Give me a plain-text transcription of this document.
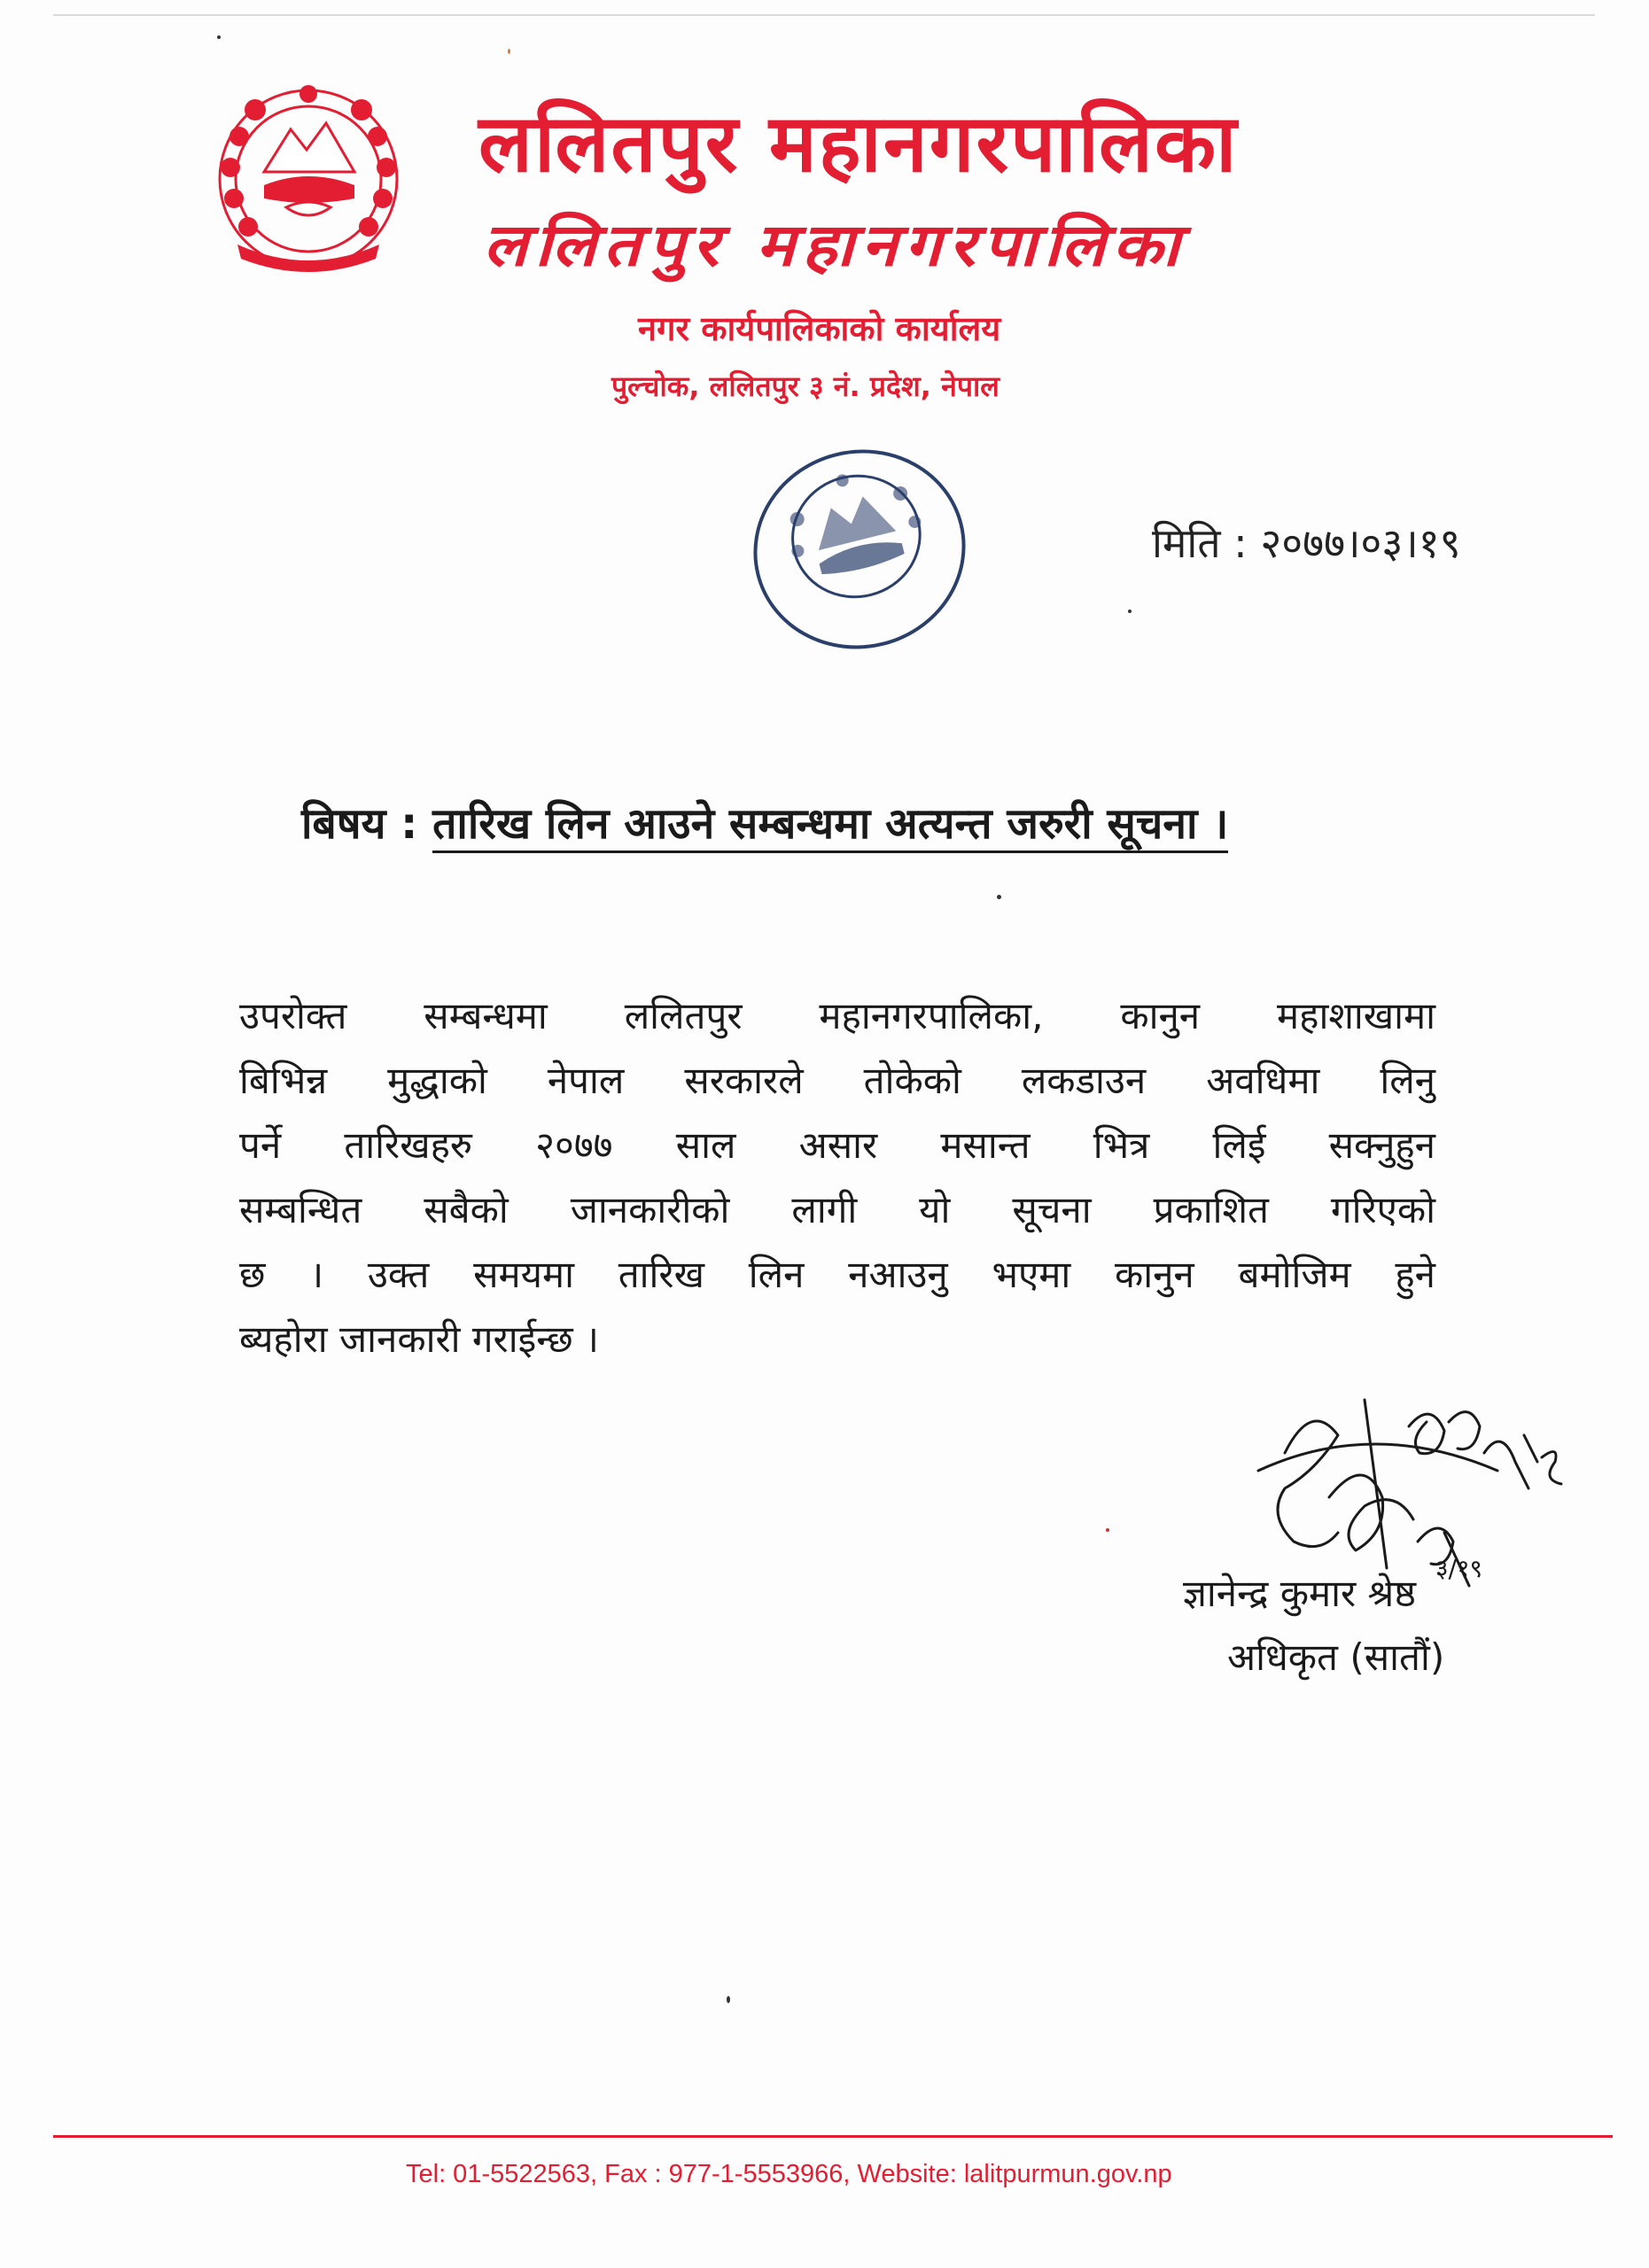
ललितपुर महानगरपालिका
ललितपुर महानगरपालिका
नगर कार्यपालिकाको कार्यालय
पुल्चोक, ललितपुर ३ नं. प्रदेश, नेपाल
मिति : २०७७।०३।१९
बिषय : तारिख लिन आउने सम्बन्धमा अत्यन्त जरुरी सूचना ।
उपरोक्त सम्बन्धमा ललितपुर महानगरपालिका, कानुन महाशाखामा
बिभिन्न मुद्धाको नेपाल सरकारले तोकेको लकडाउन अवधिमा लिनु
पर्ने तारिखहरु २०७७ साल असार मसान्त भित्र लिई सक्नुहुन
सम्बन्धित सबैको जानकारीको लागी यो सूचना प्रकाशित गरिएको
छ । उक्त समयमा तारिख लिन नआउनु भएमा कानुन बमोजिम हुने
ब्यहोरा जानकारी गराईन्छ ।
३/१९
ज्ञानेन्द्र कुमार श्रेष्ठ
अधिकृत (सातौं)
Tel: 01-5522563, Fax : 977-1-5553966, Website: lalitpurmun.gov.np
